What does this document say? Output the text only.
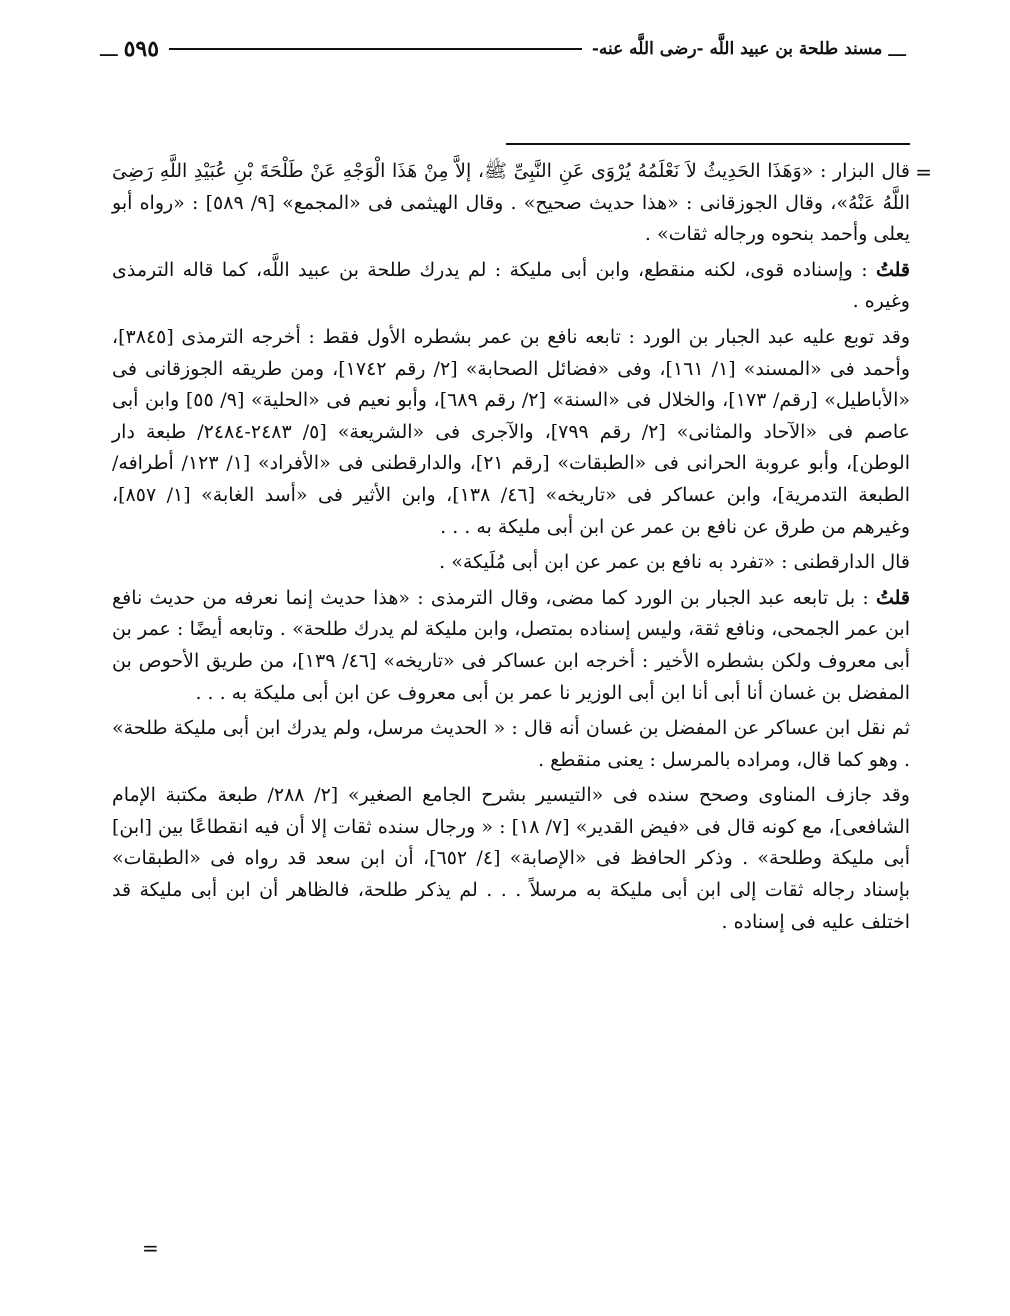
ـــ
مسند طلحة بن عبيد اللَّه -رضى اللَّه عنه-
٥٩٥
ـــ
=

قال البزار : «وَهَذَا الحَدِيثُ لاَ نَعْلَمُهُ يُرْوَى عَنِ النَّبِىِّ ﷺ، إلاَّ مِنْ هَذَا الْوَجْهِ عَنْ طَلْحَةَ بْنِ عُبَيْدِ اللَّهِ رَضِىَ اللَّهُ عَنْهُ»، وقال الجوزقانى : «هذا حديث صحيح» . وقال الهيثمى فى «المجمع» [٩/ ٥٨٩] : «رواه أبو يعلى وأحمد بنحوه ورجاله ثقات» .

قلتُ : وإسناده قوى، لكنه منقطع، وابن أبى مليكة : لم يدرك طلحة بن عبيد اللَّه، كما قاله الترمذى وغيره .

وقد توبع عليه عبد الجبار بن الورد : تابعه نافع بن عمر بشطره الأول فقط : أخرجه الترمذى [٣٨٤٥]، وأحمد فى «المسند» [١/ ١٦١]، وفى «فضائل الصحابة» [٢/ رقم ١٧٤٢]، ومن طريقه الجوزقانى فى «الأباطيل» [رقم/ ١٧٣]، والخلال فى «السنة» [٢/ رقم ٦٨٩]، وأبو نعيم فى «الحلية» [٩/ ٥٥] وابن أبى عاصم فى «الآحاد والمثانى» [٢/ رقم ٧٩٩]، والآجرى فى «الشريعة» [٥/ ٢٤٨٣-٢٤٨٤/ طبعة دار الوطن]، وأبو عروبة الحرانى فى «الطبقات» [رقم ٢١]، والدارقطنى فى «الأفراد» [١/ ١٢٣/ أطرافه/ الطبعة التدمرية]، وابن عساكر فى «تاريخه» [٤٦/ ١٣٨]، وابن الأثير فى «أسد الغابة» [١/ ٨٥٧]، وغيرهم من طرق عن نافع بن عمر عن ابن أبى مليكة به . . .

قال الدارقطنى : «تفرد به نافع بن عمر عن ابن أبى مُلَيكة» .

قلتُ : بل تابعه عبد الجبار بن الورد كما مضى، وقال الترمذى : «هذا حديث إنما نعرفه من حديث نافع ابن عمر الجمحى، ونافع ثقة، وليس إسناده بمتصل، وابن مليكة لم يدرك طلحة» . وتابعه أيضًا : عمر بن أبى معروف ولكن بشطره الأخير : أخرجه ابن عساكر فى «تاريخه» [٤٦/ ١٣٩]، من طريق الأحوص بن المفضل بن غسان أنا أبى أنا ابن أبى الوزير نا عمر بن أبى معروف عن ابن أبى مليكة به . . .

ثم نقل ابن عساكر عن المفضل بن غسان أنه قال : « الحديث مرسل، ولم يدرك ابن أبى مليكة طلحة» . وهو كما قال، ومراده بالمرسل : يعنى منقطع .

وقد جازف المناوى وصحح سنده فى «التيسير بشرح الجامع الصغير» [٢/ ٢٨٨/ طبعة مكتبة الإمام الشافعى]، مع كونه قال فى «فيض القدير» [٧/ ١٨] : « ورجال سنده ثقات إلا أن فيه انقطاعًا بين [ابن] أبى مليكة وطلحة» . وذكر الحافظ فى «الإصابة» [٤/ ٦٥٢]، أن ابن سعد قد رواه فى «الطبقات» بإسناد رجاله ثقات إلى ابن أبى مليكة به مرسلاً . . . لم يذكر طلحة، فالظاهر أن ابن أبى مليكة قد اختلف عليه فى إسناده .

=
